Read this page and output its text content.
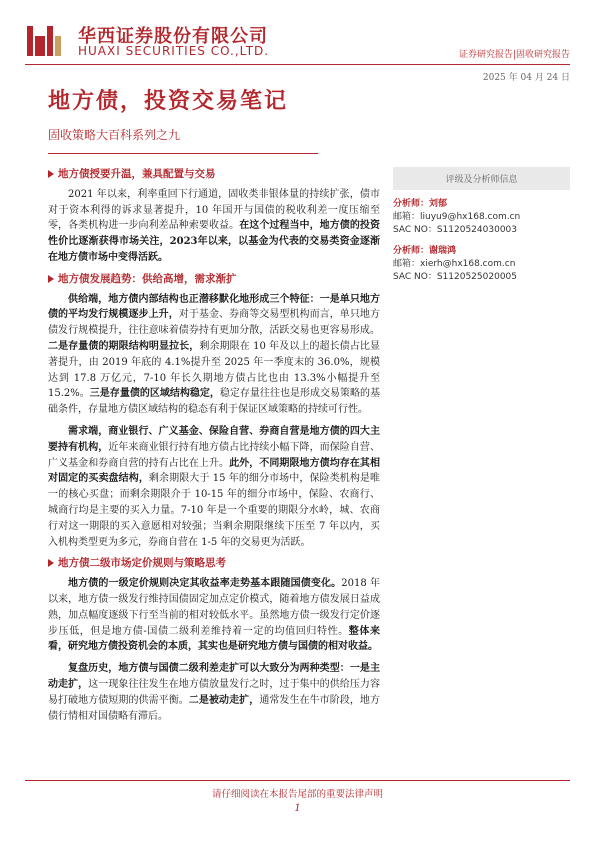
华西证券股份有限公司
HUAXI SECURITIES CO.,LTD.	证券研究报告|固收研究报告
2025 年 04 月 24 日
地方债，投资交易笔记
固收策略大百科系列之九
地方债授要升温，兼具配置与交易

2021 年以来，利率重回下行通道，固收类非银体量的持续扩张，债市对于资本利得的诉求显著提升，10 年国开与国债的税收利差一度压缩至零，各类机构进一步向利差品种索要收益。在这个过程当中，地方债的投资性价比逐渐获得市场关注，2023年以来，以基金为代表的交易类资金逐渐在地方债市场中变得活跃。

地方债发展趋势：供给高增，需求渐扩

供给端，地方债内部结构也正潜移默化地形成三个特征：一是单只地方债的平均发行规模逐步上升，对于基金、券商等交易型机构而言，单只地方债发行规模提升，往往意味着债券持有更加分散，活跃交易也更容易形成。二是存量债的期限结构明显拉长，剩余期限在 10 年及以上的超长债占比显著提升，由 2019 年底的 4.1%提升至 2025 年一季度末的 36.0%，规模达到 17.8 万亿元，7-10 年长久期地方债占比也由 13.3%小幅提升至 15.2%。三是存量债的区域结构稳定，稳定存量往往也是形成交易策略的基础条件，存量地方债区域结构的稳态有利于保证区域策略的持续可行性。

需求端，商业银行、广义基金、保险自营、券商自营是地方债的四大主要持有机构，近年来商业银行持有地方债占比持续小幅下降，而保险自营、广义基金和券商自营的持有占比在上升。此外，不同期限地方债均存在其相对固定的买卖盘结构，剩余期限大于 15 年的细分市场中，保险类机构是唯一的核心买盘；而剩余期限介于 10-15 年的细分市场中，保险、农商行、城商行均是主要的买入力量。7-10 年是一个重要的期限分水岭，城、农商行对这一期限的买入意愿相对较强；当剩余期限继续下压至 7 年以内，买入机构类型更为多元，券商自营在 1-5 年的交易更为活跃。

地方债二级市场定价规则与策略思考

地方债的一级定价规则决定其收益率走势基本跟随国债变化。2018 年以来，地方债一级发行维持国债固定加点定价模式，随着地方债发展日益成熟，加点幅度逐级下行至当前的相对较低水平。虽然地方债一级发行定价逐步压低，但是地方债-国债二级利差维持着一定的均值回归特性。整体来看，研究地方债投资机会的本质，其实也是研究地方债与国债的相对收益。

复盘历史，地方债与国债二级利差走扩可以大致分为两种类型：一是主动走扩，这一现象往往发生在地方债放量发行之时，过于集中的供给压力容易打破地方债短期的供需平衡。二是被动走扩，通常发生在牛市阶段，地方债行情相对国债略有滞后。

评级及分析师信息
分析师：刘郁
邮箱：liuyu9@hx168.com.cn
SAC NO：S1120524030003
分析师：谢瑞鸿
邮箱：xierh@hx168.com.cn
SAC NO：S1120525020005
请仔细阅读在本报告尾部的重要法律声明
1
